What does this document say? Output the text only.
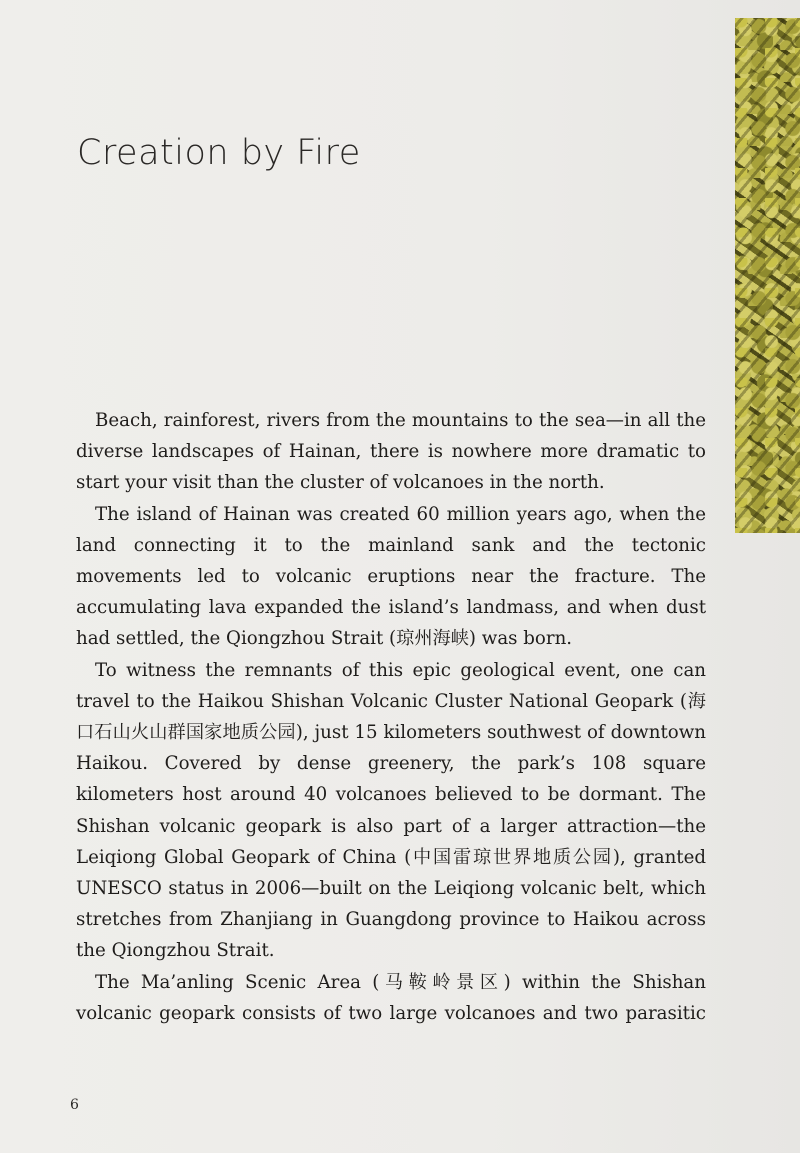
Creation by Fire

Beach, rainforest, rivers from the mountains to the sea—in all the diverse landscapes of Hainan, there is nowhere more dramatic to start your visit than the cluster of volcanoes in the north.

The island of Hainan was created 60 million years ago, when the land connecting it to the mainland sank and the tectonic movements led to volcanic eruptions near the fracture. The accumulating lava expanded the island’s landmass, and when dust had settled, the Qiongzhou Strait (琼州海峡) was born.

To witness the remnants of this epic geological event, one can travel to the Haikou Shishan Volcanic Cluster National Geopark (海口石山火山群国家地质公园), just 15 kilometers southwest of downtown Haikou. Covered by dense greenery, the park’s 108 square kilometers host around 40 volcanoes believed to be dormant. The Shishan volcanic geopark is also part of a larger attraction—the Leiqiong Global Geopark of China (中国雷琼世界地质公园), granted UNESCO status in 2006—built on the Leiqiong volcanic belt, which stretches from Zhanjiang in Guangdong province to Haikou across the Qiongzhou Strait.

The Ma’anling Scenic Area (马鞍岭景区) within the Shishan volcanic geopark consists of two large volcanoes and two parasitic

6
